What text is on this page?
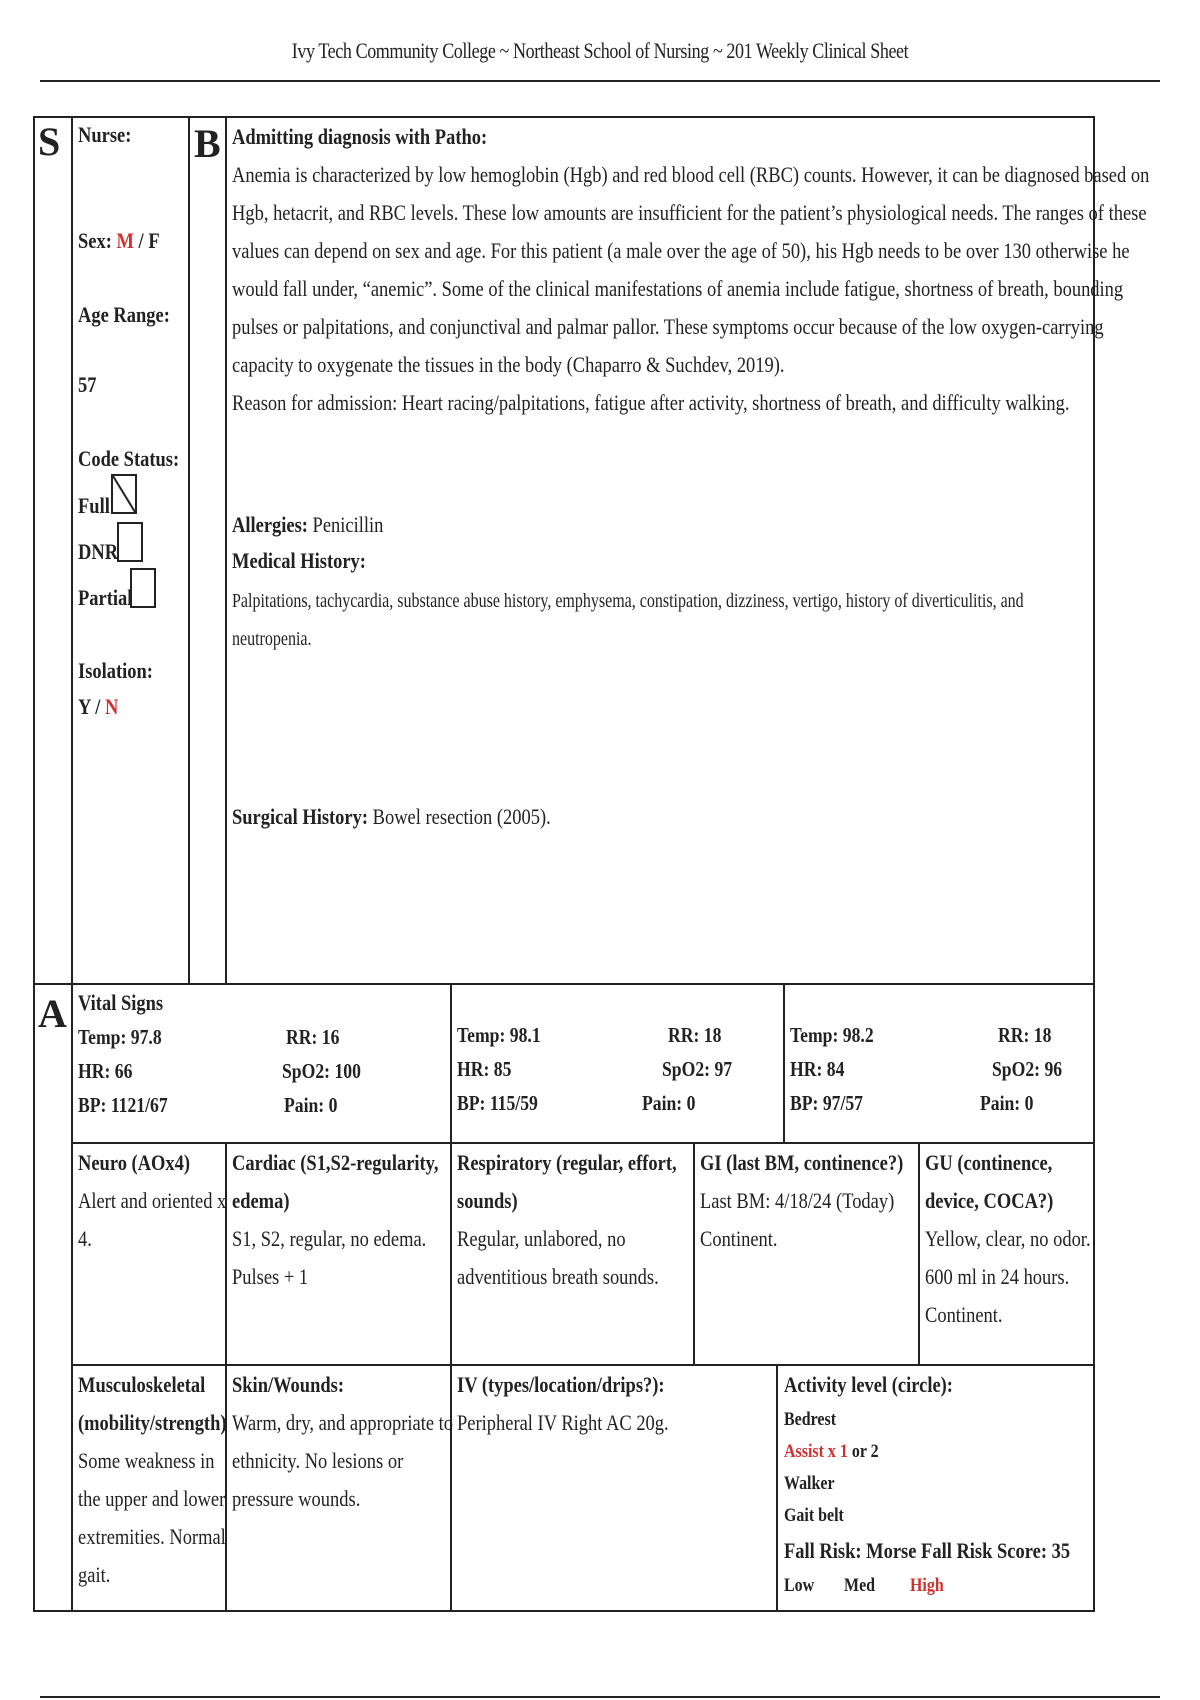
Ivy Tech Community College ~ Northeast School of Nursing ~ 201 Weekly Clinical Sheet
S Nurse:
Sex: M / F
Age Range:
57
Code Status:
Full
DNR
Partial
Isolation:
Y / N
B Admitting diagnosis with Patho:
Anemia is characterized by low hemoglobin (Hgb) and red blood cell (RBC) counts. However, it can be diagnosed based on
Hgb, hetacrit, and RBC levels. These low amounts are insufficient for the patient’s physiological needs. The ranges of these
values can depend on sex and age. For this patient (a male over the age of 50), his Hgb needs to be over 130 otherwise he
would fall under, “anemic”. Some of the clinical manifestations of anemia include fatigue, shortness of breath, bounding
pulses or palpitations, and conjunctival and palmar pallor. These symptoms occur because of the low oxygen-carrying
capacity to oxygenate the tissues in the body (Chaparro & Suchdev, 2019).
Reason for admission: Heart racing/palpitations, fatigue after activity, shortness of breath, and difficulty walking.
Allergies: Penicillin
Medical History:
Palpitations, tachycardia, substance abuse history, emphysema, constipation, dizziness, vertigo, history of diverticulitis, and
neutropenia.
Surgical History: Bowel resection (2005).
A Vital Signs
Temp: 97.8
HR: 66
BP: 1121/67
RR: 16
SpO2: 100
Pain: 0
Temp: 98.1
HR: 85
BP: 115/59
RR: 18
SpO2: 97
Pain: 0
Temp: 98.2
HR: 84
BP: 97/57
RR: 18
SpO2: 96
Pain: 0
Neuro (AOx4)
Alert and oriented x
4.
Cardiac (S1,S2-regularity,
edema)
S1, S2, regular, no edema.
Pulses + 1
Respiratory (regular, effort,
sounds)
Regular, unlabored, no
adventitious breath sounds.
GI (last BM, continence?)
Last BM: 4/18/24 (Today)
Continent.
GU (continence,
device, COCA?)
Yellow, clear, no odor.
600 ml in 24 hours.
Continent.
Musculoskeletal
(mobility/strength)
Some weakness in
the upper and lower
extremities. Normal
gait.
Skin/Wounds:
Warm, dry, and appropriate to
ethnicity. No lesions or
pressure wounds.
IV (types/location/drips?):
Peripheral IV Right AC 20g.
Activity level (circle):
Bedrest
Assist x 1 or 2
Walker
Gait belt
Fall Risk: Morse Fall Risk Score: 35
Low Med High
